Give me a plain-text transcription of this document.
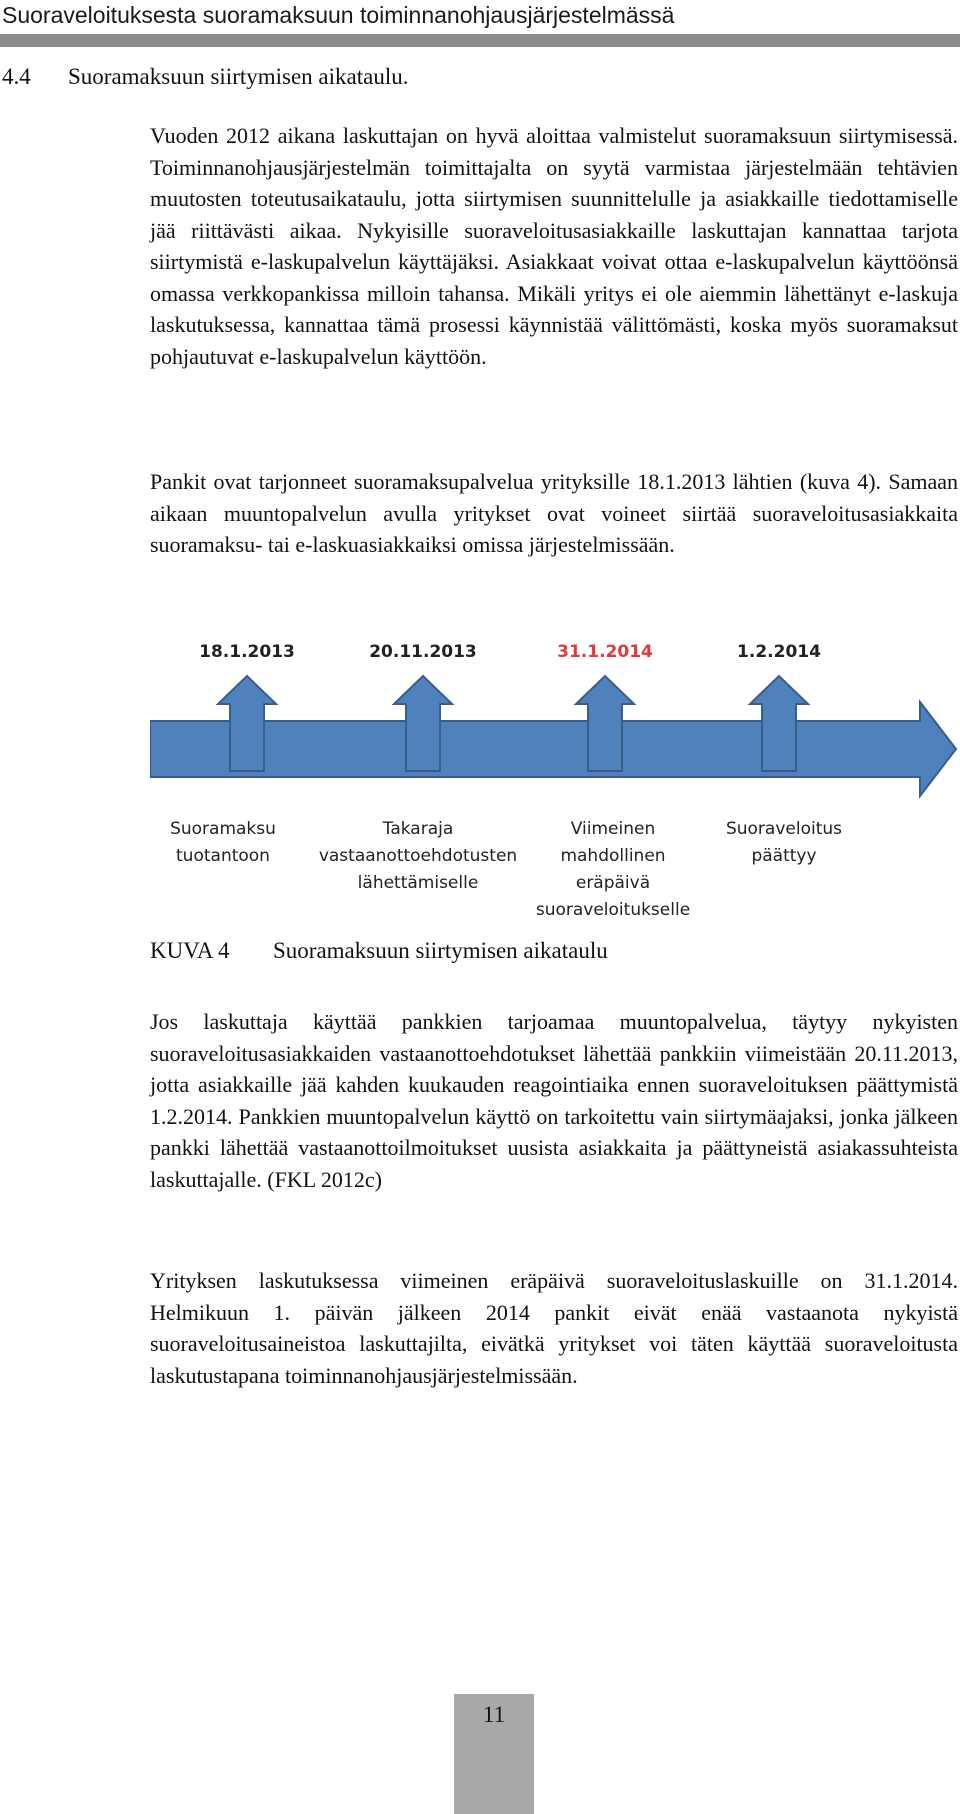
Suoraveloituksesta suoramaksuun toiminnanohjausjärjestelmässä
4.4 Suoramaksuun siirtymisen aikataulu.

Vuoden 2012 aikana laskuttajan on hyvä aloittaa valmistelut suoramaksuun siirtymisessä. Toiminnanohjausjärjestelmän toimittajalta on syytä varmistaa järjestelmään tehtävien muutosten toteutusaikataulu, jotta siirtymisen suunnittelulle ja asiakkaille tiedottamiselle jää riittävästi aikaa. Nykyisille suoraveloitusasiakkaille laskuttajan kannattaa tarjota siirtymistä e-laskupalvelun käyttäjäksi. Asiakkaat voivat ottaa e-laskupalvelun käyttöönsä omassa verkkopankissa milloin tahansa. Mikäli yritys ei ole aiemmin lähettänyt e-laskuja laskutuksessa, kannattaa tämä prosessi käynnistää välittömästi, koska myös suoramaksut pohjautuvat e-laskupalvelun käyttöön.

Pankit ovat tarjonneet suoramaksupalvelua yrityksille 18.1.2013 lähtien (kuva 4). Samaan aikaan muuntopalvelun avulla yritykset ovat voineet siirtää suoraveloitusasiakkaita suoramaksu- tai e-laskuasiakkaiksi omissa järjestelmissään.

18.1.2013	20.11.2013	31.1.2014	1.2.2014
Suoramaksu tuotantoon
Takaraja vastaanottoehdotusten lähettämiselle
Viimeinen mahdollinen eräpäivä suoraveloitukselle
Suoraveloitus päättyy
KUVA 4 Suoramaksuun siirtymisen aikataulu

Jos laskuttaja käyttää pankkien tarjoamaa muuntopalvelua, täytyy nykyisten suoraveloitusasiakkaiden vastaanottoehdotukset lähettää pankkiin viimeistään 20.11.2013, jotta asiakkaille jää kahden kuukauden reagointiaika ennen suoraveloituksen päättymistä 1.2.2014. Pankkien muuntopalvelun käyttö on tarkoitettu vain siirtymäajaksi, jonka jälkeen pankki lähettää vastaanottoilmoitukset uusista asiakkaita ja päättyneistä asiakassuhteista laskuttajalle. (FKL 2012c)

Yrityksen laskutuksessa viimeinen eräpäivä suoraveloituslaskuille on 31.1.2014. Helmikuun 1. päivän jälkeen 2014 pankit eivät enää vastaanota nykyistä suoraveloitusaineistoa laskuttajilta, eivätkä yritykset voi täten käyttää suoraveloitusta laskutustapana toiminnanohjausjärjestelmissään.

11
